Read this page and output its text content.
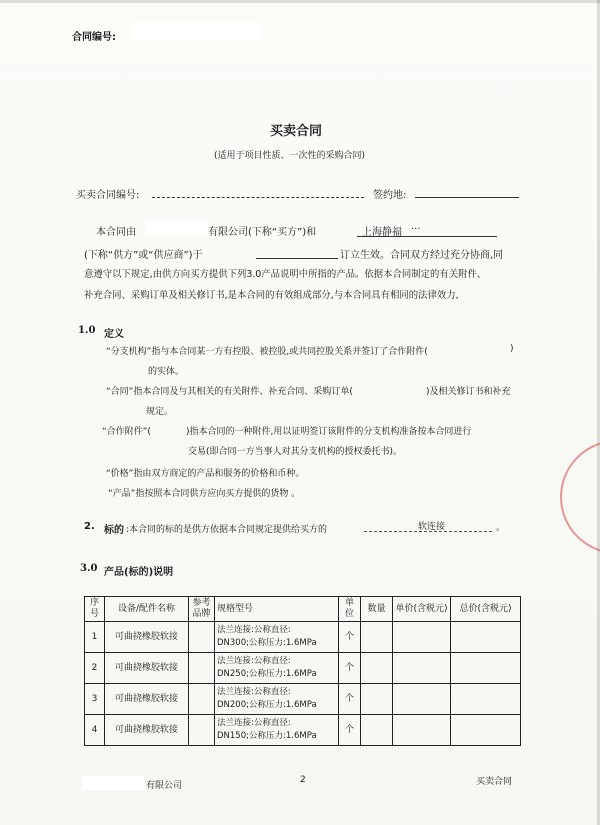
合同编号:
买卖合同
(适用于项目性质、一次性的采购合同)
买卖合同编号:	签约地:
本合同由	有限公司(下称“买方”)和	上海静福
...
(下称“供方”或“供应商”)于	订立生效。合同双方经过充分协商,同
意遵守以下规定,由供方向买方提供下列3.0产品说明中所指的产品。依据本合同制定的有关附件、
补充合同、采购订单及相关修订书,是本合同的有效组成部分,与本合同具有相同的法律效力,
1.0 定义
“分支机构”指与本合同某一方有控股、被控股,或共同控股关系并签订了合作附件(	)
的实体。
“合同”指本合同及与其相关的有关附件、补充合同、采购订单(	)及相关修订书和补充
规定。
“合作附件”(	)指本合同的一种附件,用以证明签订该附件的分支机构准备按本合同进行
交易(即合同一方当事人对其分支机构的授权委托书)。
“价格”指由双方商定的产品和服务的价格和币种。
“产品”指按照本合同供方应向买方提供的货物 。
2. 标的 :本合同的标的是供方依据本合同规定提供给买方的	软连接	。
3.0 产品(标的)说明
序号	设备/配件名称	参考品牌	规格型号	单位	数量	单价(含税元)	总价(含税元)
1	可曲挠橡胶软接		法兰连接:公称直径:
DN300;公称压力:1.6MPa	个			
2	可曲挠橡胶软接		法兰连接:公称直径:
DN250;公称压力:1.6MPa	个			
3	可曲挠橡胶软接		法兰连接:公称直径:
DN200;公称压力:1.6MPa	个			
4	可曲挠橡胶软接		法兰连接:公称直径:
DN150;公称压力:1.6MPa	个			
有限公司
2	买卖合同
